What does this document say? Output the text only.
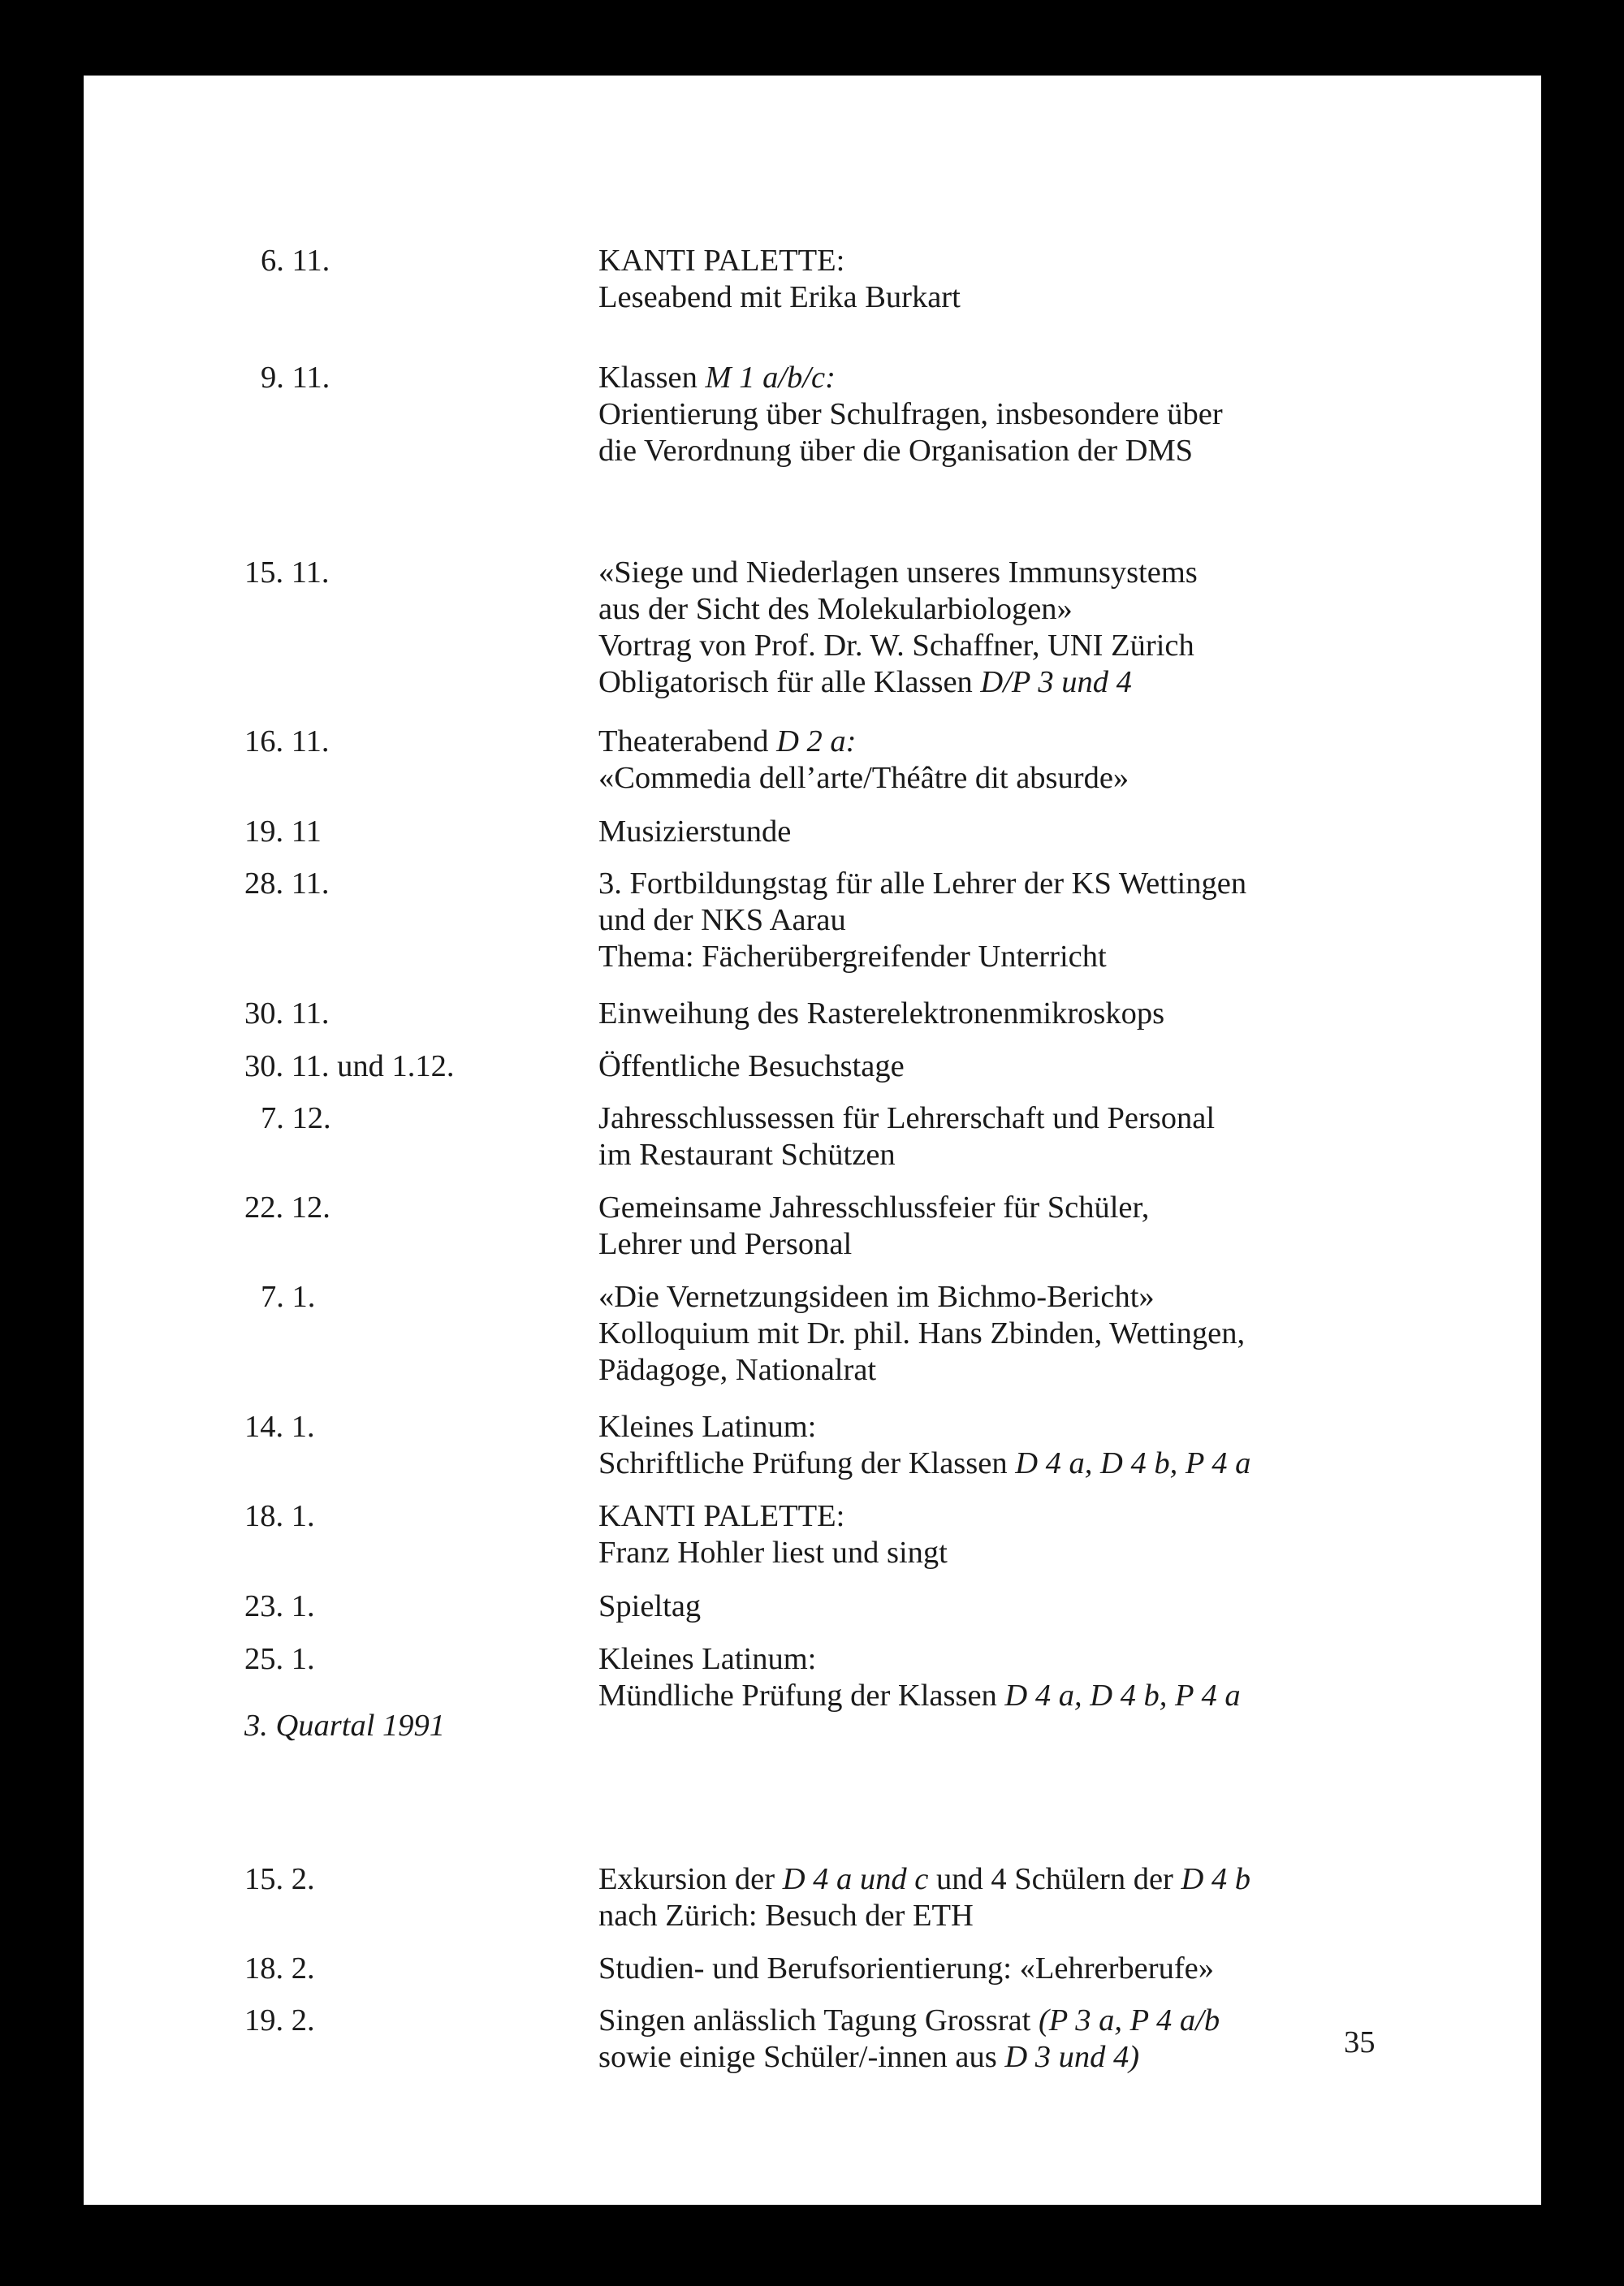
6. 11.	KANTI PALETTE:
Leseabend mit Erika Burkart
9. 11.	Klassen M 1 a/b/c:
Orientierung über Schulfragen, insbesondere über
die Verordnung über die Organisation der DMS
15. 11.	«Siege und Niederlagen unseres Immunsystems
aus der Sicht des Molekularbiologen»
Vortrag von Prof. Dr. W. Schaffner, UNI Zürich
Obligatorisch für alle Klassen D/P 3 und 4
16. 11.	Theaterabend D 2 a:
«Commedia dell’arte/Théâtre dit absurde»
19. 11	Musizierstunde
28. 11.	3. Fortbildungstag für alle Lehrer der KS Wettingen
und der NKS Aarau
Thema: Fächerübergreifender Unterricht
30. 11.	Einweihung des Rasterelektronenmikroskops
30. 11. und 1.12.	Öffentliche Besuchstage
7. 12.	Jahresschlussessen für Lehrerschaft und Personal
im Restaurant Schützen
22. 12.	Gemeinsame Jahresschlussfeier für Schüler,
Lehrer und Personal
7. 1.	«Die Vernetzungsideen im Bichmo-Bericht»
Kolloquium mit Dr. phil. Hans Zbinden, Wettingen,
Pädagoge, Nationalrat
14. 1.	Kleines Latinum:
Schriftliche Prüfung der Klassen D 4 a, D 4 b, P 4 a
18. 1.	KANTI PALETTE:
Franz Hohler liest und singt
23. 1.	Spieltag
25. 1.	Kleines Latinum:
Mündliche Prüfung der Klassen D 4 a, D 4 b, P 4 a
3. Quartal 1991
15. 2.	Exkursion der D 4 a und c und 4 Schülern der D 4 b
nach Zürich: Besuch der ETH
18. 2.	Studien- und Berufsorientierung: «Lehrerberufe»
19. 2.	Singen anlässlich Tagung Grossrat (P 3 a, P 4 a/b
sowie einige Schüler/-innen aus D 3 und 4)	35
